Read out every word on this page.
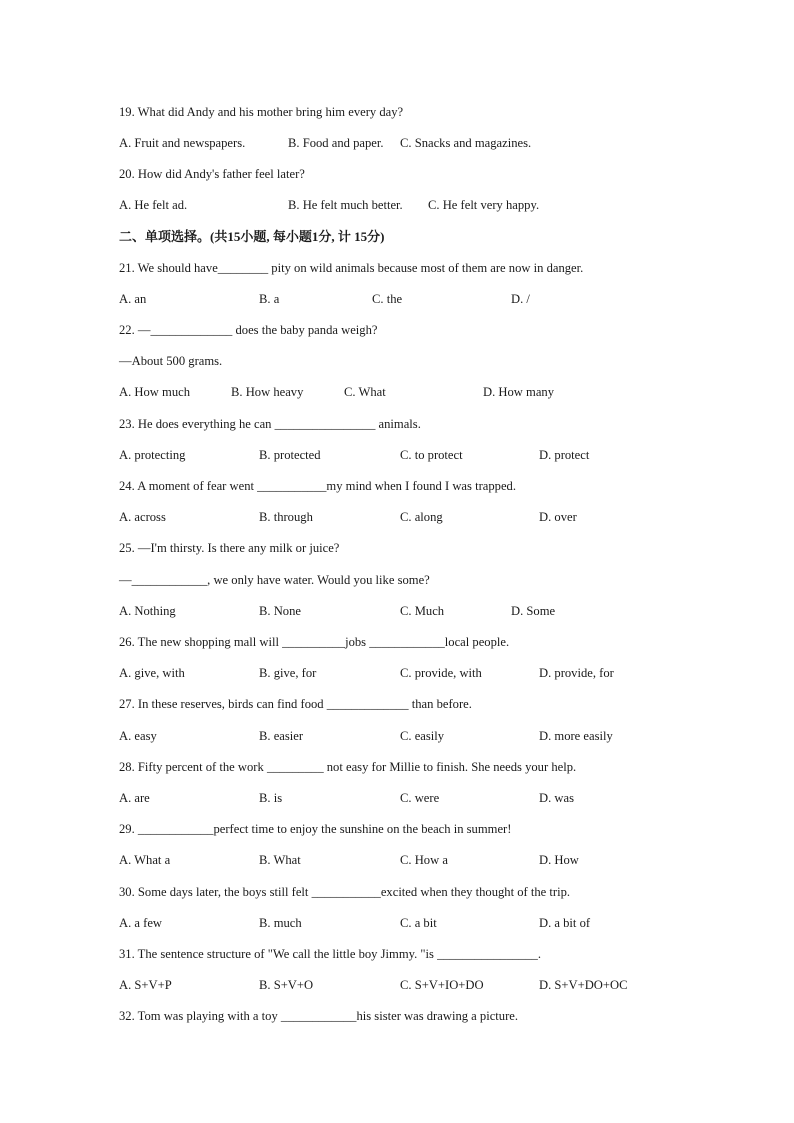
19. What did Andy and his mother bring him every day?
A. Fruit and newspapers.	B. Food and paper. C. Snacks and magazines.
20. How did Andy's father feel later?
A. He felt ad.	B. He felt much better. C. He felt very happy.
二、单项选择。(共15小题, 每小题1分, 计 15分)
21. We should have________ pity on wild animals because most of them are now in danger.
A. an	B. a	C. the	D. /
22. —_____________ does the baby panda weigh?
—About 500 grams.
A. How much	B. How heavy	C. What	D. How many
23. He does everything he can ________________ animals.
A. protecting	B. protected	C. to protect	D. protect
24. A moment of fear went ___________my mind when I found I was trapped.
A. across	B. through	C. along	D. over
25. —I'm thirsty. Is there any milk or juice?
—____________, we only have water. Would you like some?
A. Nothing	B. None	C. Much	D. Some
26. The new shopping mall will __________jobs ____________local people.
A. give, with	B. give, for	C. provide, with	D. provide, for
27. In these reserves, birds can find food _____________ than before.
A. easy	B. easier	C. easily	D. more easily
28. Fifty percent of the work _________ not easy for Millie to finish. She needs your help.
A. are	B. is	C. were	D. was
29. ____________perfect time to enjoy the sunshine on the beach in summer!
A. What a	B. What	C. How a	D. How
30. Some days later, the boys still felt ___________excited when they thought of the trip.
A. a few	B. much	C. a bit	D. a bit of
31. The sentence structure of "We call the little boy Jimmy. "is ________________.
A. S+V+P	B. S+V+O	C. S+V+IO+DO	D. S+V+DO+OC
32. Tom was playing with a toy ____________his sister was drawing a picture.
